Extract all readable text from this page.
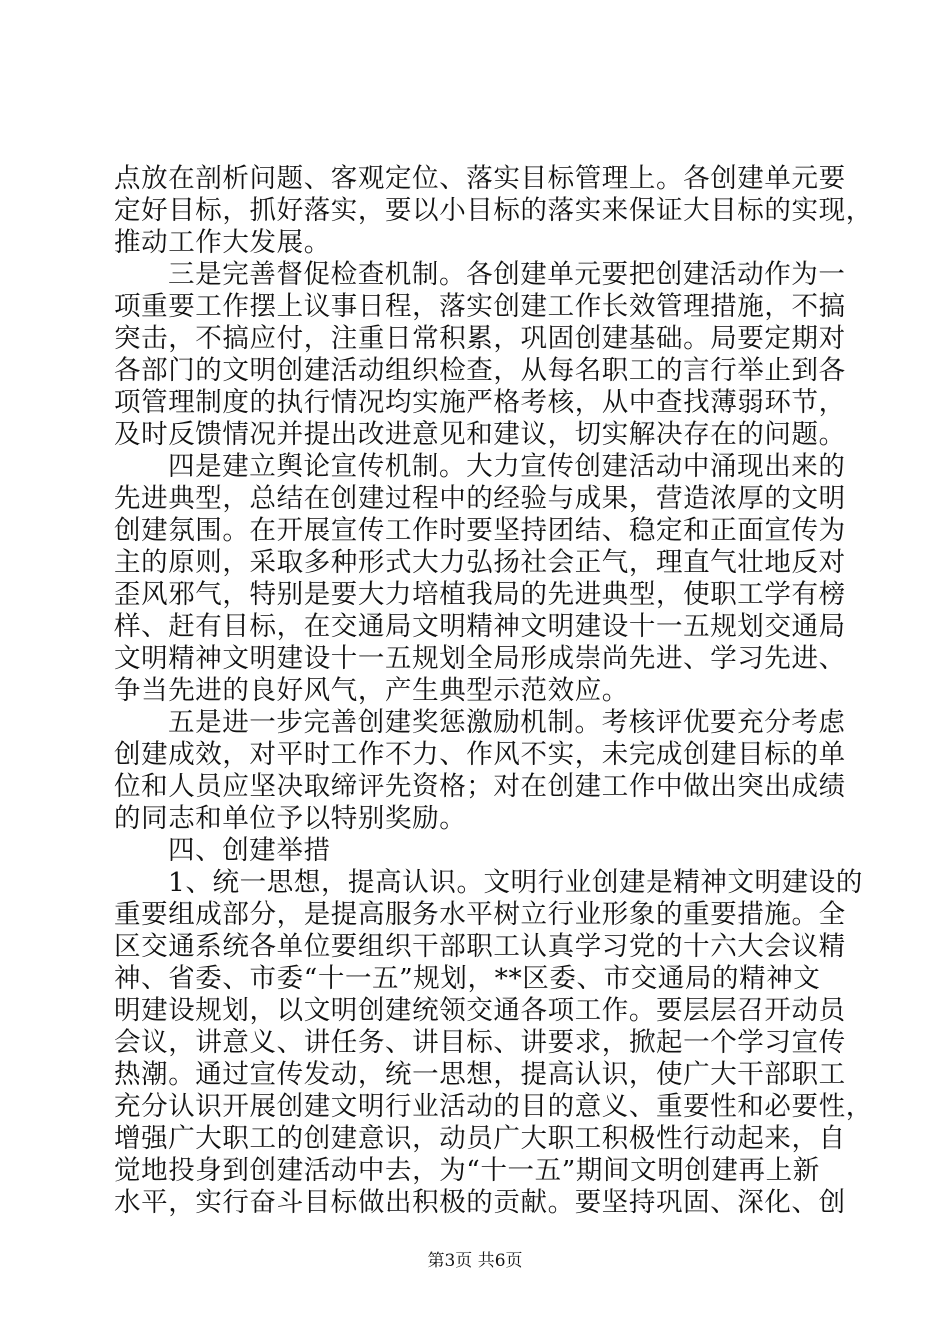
点放在剖析问题、客观定位、落实目标管理上。各创建单元要
定好目标，抓好落实，要以小目标的落实来保证大目标的实现，
推动工作大发展。
三是完善督促检查机制。各创建单元要把创建活动作为一
项重要工作摆上议事日程，落实创建工作长效管理措施，不搞
突击，不搞应付，注重日常积累，巩固创建基础。局要定期对
各部门的文明创建活动组织检查，从每名职工的言行举止到各
项管理制度的执行情况均实施严格考核，从中查找薄弱环节，
及时反馈情况并提出改进意见和建议，切实解决存在的问题。
四是建立舆论宣传机制。大力宣传创建活动中涌现出来的
先进典型，总结在创建过程中的经验与成果，营造浓厚的文明
创建氛围。在开展宣传工作时要坚持团结、稳定和正面宣传为
主的原则，采取多种形式大力弘扬社会正气，理直气壮地反对
歪风邪气，特别是要大力培植我局的先进典型，使职工学有榜
样、赶有目标，在交通局文明精神文明建设十一五规划交通局
文明精神文明建设十一五规划全局形成崇尚先进、学习先进、
争当先进的良好风气，产生典型示范效应。
五是进一步完善创建奖惩激励机制。考核评优要充分考虑
创建成效，对平时工作不力、作风不实，未完成创建目标的单
位和人员应坚决取缔评先资格；对在创建工作中做出突出成绩
的同志和单位予以特别奖励。
四、创建举措
1、统一思想，提高认识。文明行业创建是精神文明建设的
重要组成部分，是提高服务水平树立行业形象的重要措施。全
区交通系统各单位要组织干部职工认真学习党的十六大会议精
神、省委、市委“十一五”规划，**区委、市交通局的精神文
明建设规划，以文明创建统领交通各项工作。要层层召开动员
会议，讲意义、讲任务、讲目标、讲要求，掀起一个学习宣传
热潮。通过宣传发动，统一思想，提高认识，使广大干部职工
充分认识开展创建文明行业活动的目的意义、重要性和必要性，
增强广大职工的创建意识，动员广大职工积极性行动起来，自
觉地投身到创建活动中去，为“十一五”期间文明创建再上新
水平，实行奋斗目标做出积极的贡献。要坚持巩固、深化、创
第3页 共6页
